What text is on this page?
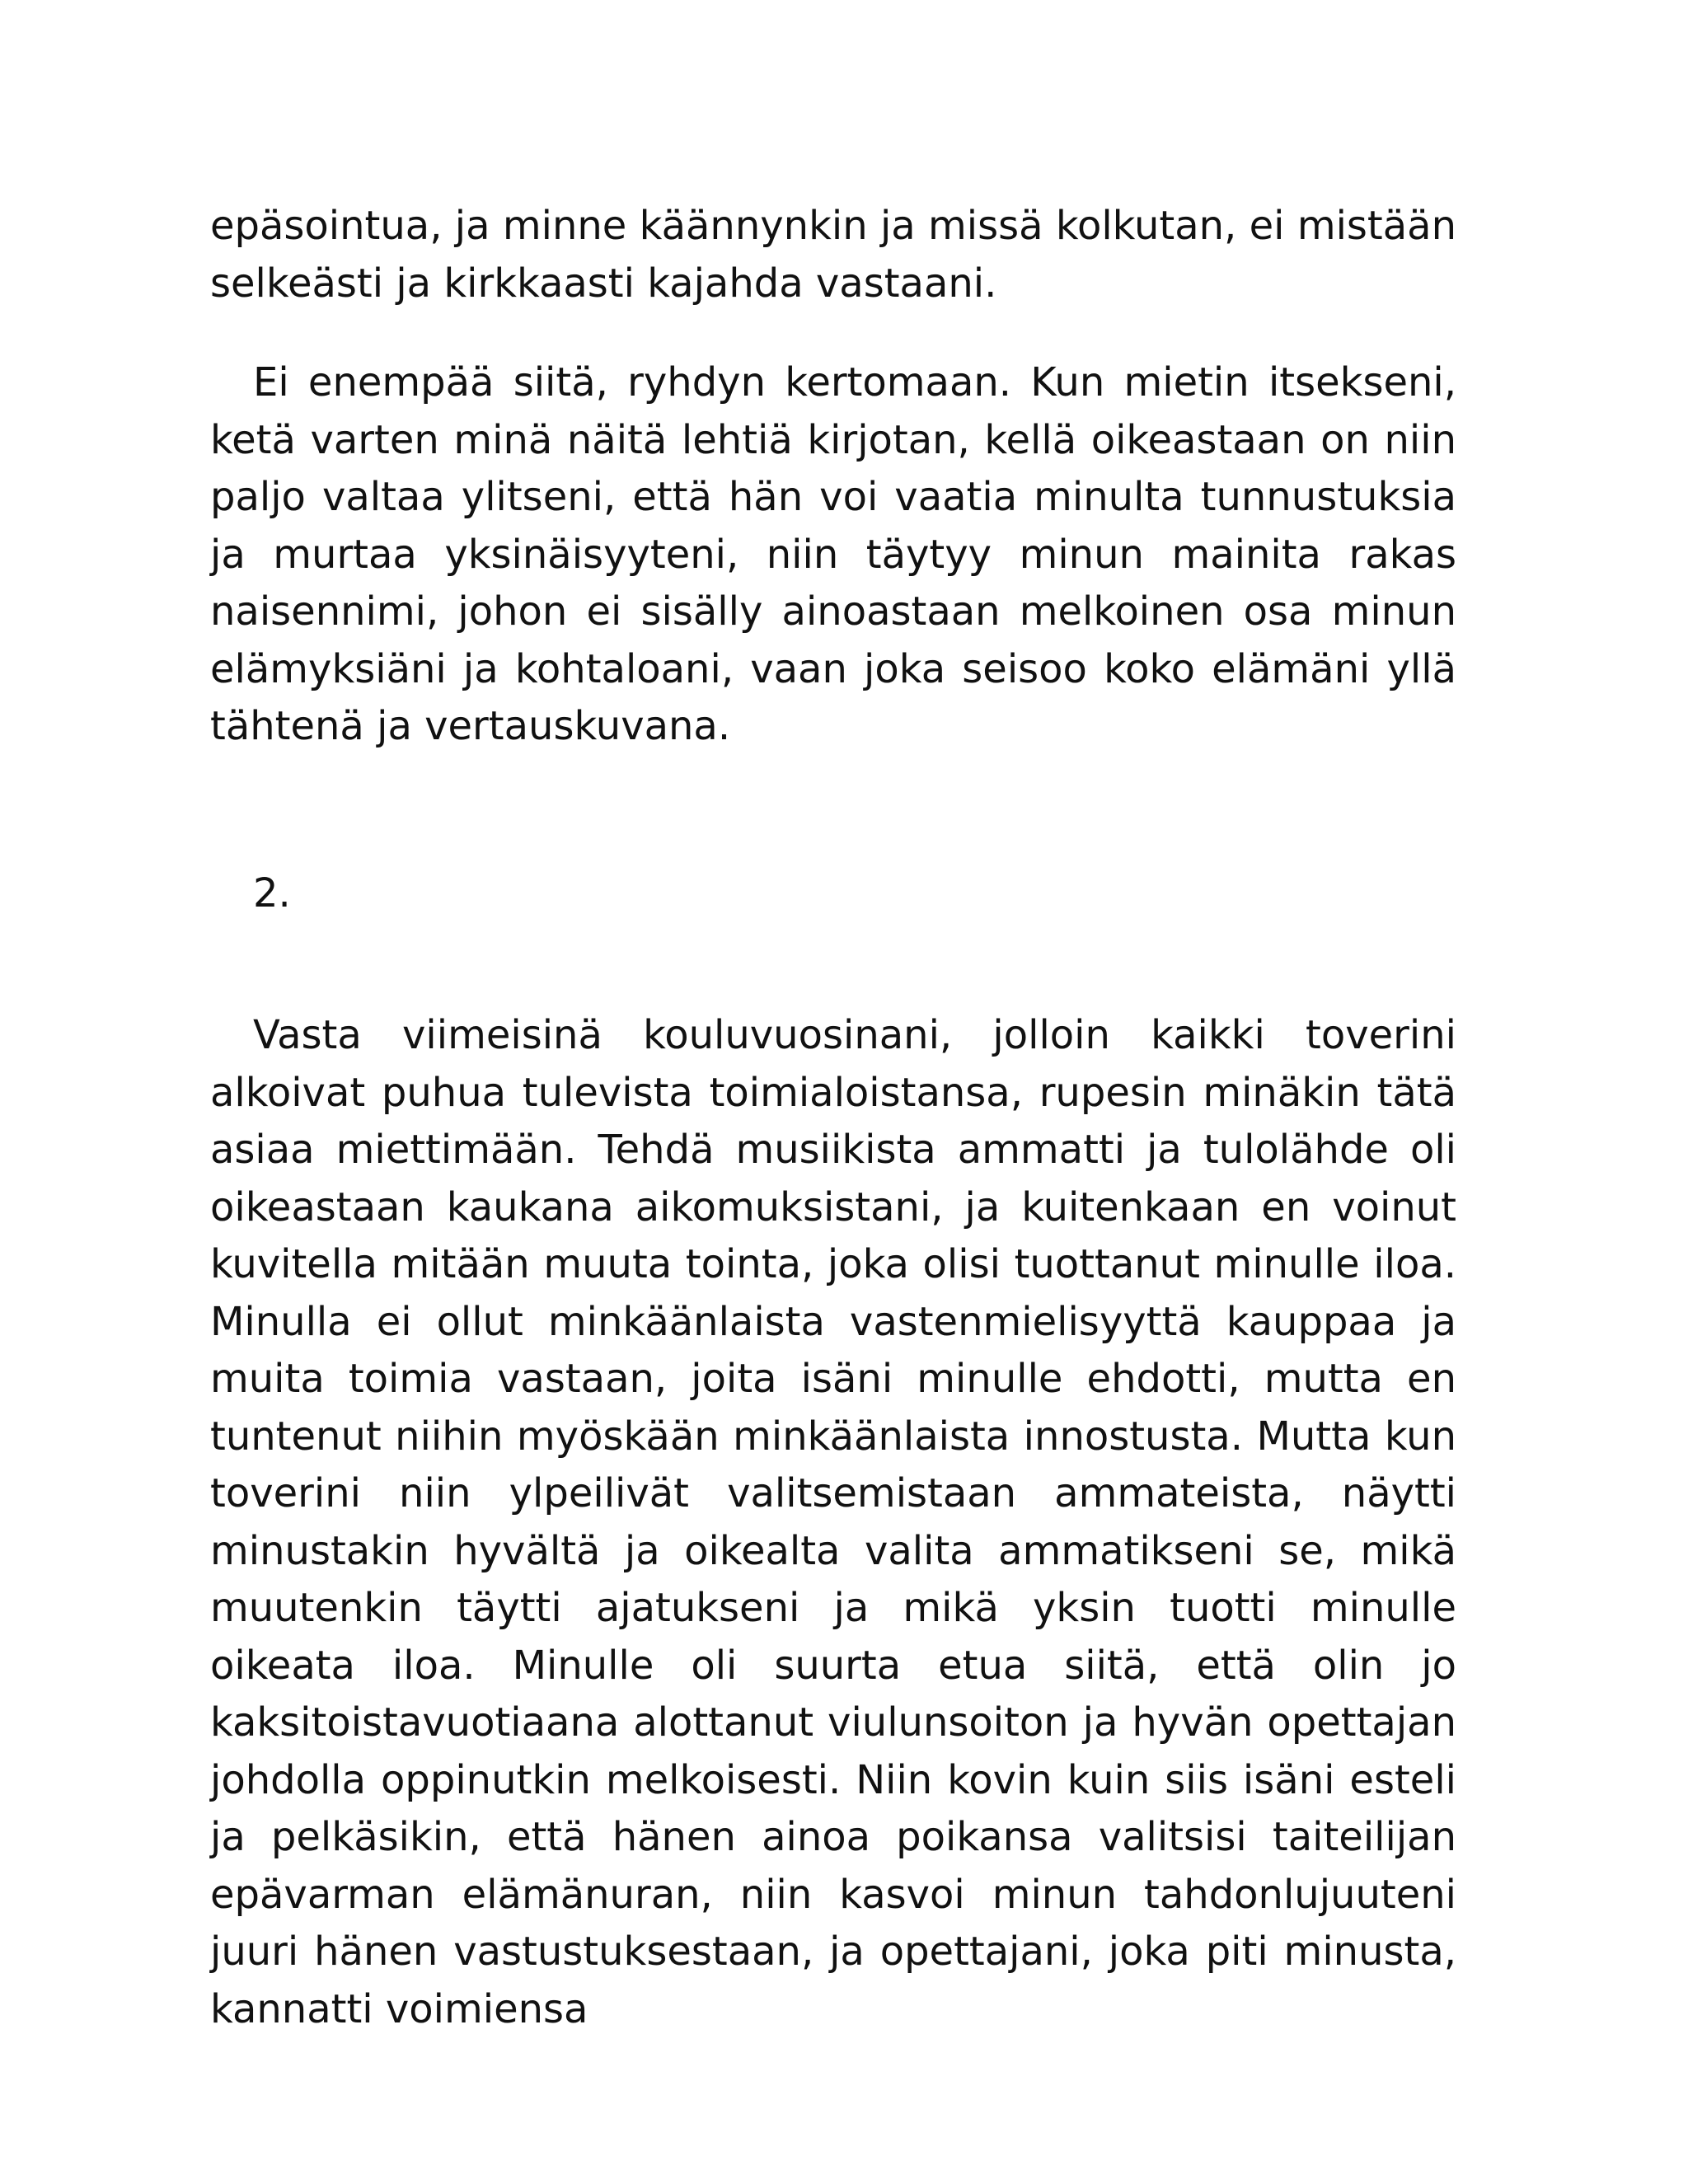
epäsointua, ja minne käännynkin ja missä kolkutan, ei mistään selkeästi ja kirkkaasti kajahda vastaani.

Ei enempää siitä, ryhdyn kertomaan. Kun mietin itsekseni, ketä varten minä näitä lehtiä kirjotan, kellä oikeastaan on niin paljo valtaa ylitseni, että hän voi vaatia minulta tunnustuksia ja murtaa yksinäisyyteni, niin täytyy minun mainita rakas naisennimi, johon ei sisälly ainoastaan melkoinen osa minun elämyksiäni ja kohtaloani, vaan joka seisoo koko elämäni yllä tähtenä ja vertauskuvana.

2.

Vasta viimeisinä kouluvuosinani, jolloin kaikki toverini alkoivat puhua tulevista toimialoistansa, rupesin minäkin tätä asiaa miettimään. Tehdä musiikista ammatti ja tulolähde oli oikeastaan kaukana aikomuksistani, ja kuitenkaan en voinut kuvitella mitään muuta tointa, joka olisi tuottanut minulle iloa. Minulla ei ollut minkäänlaista vastenmielisyyttä kauppaa ja muita toimia vastaan, joita isäni minulle ehdotti, mutta en tuntenut niihin myöskään minkäänlaista innostusta. Mutta kun toverini niin ylpeilivät valitsemistaan ammateista, näytti minustakin hyvältä ja oikealta valita ammatikseni se, mikä muutenkin täytti ajatukseni ja mikä yksin tuotti minulle oikeata iloa. Minulle oli suurta etua siitä, että olin jo kaksitoistavuotiaana alottanut viulunsoiton ja hyvän opettajan johdolla oppinutkin melkoisesti. Niin kovin kuin siis isäni esteli ja pelkäsikin, että hänen ainoa poikansa valitsisi taiteilijan epävarman elämänuran, niin kasvoi minun tahdonlujuuteni juuri hänen vastustuksestaan, ja opettajani, joka piti minusta, kannatti voimiensa
